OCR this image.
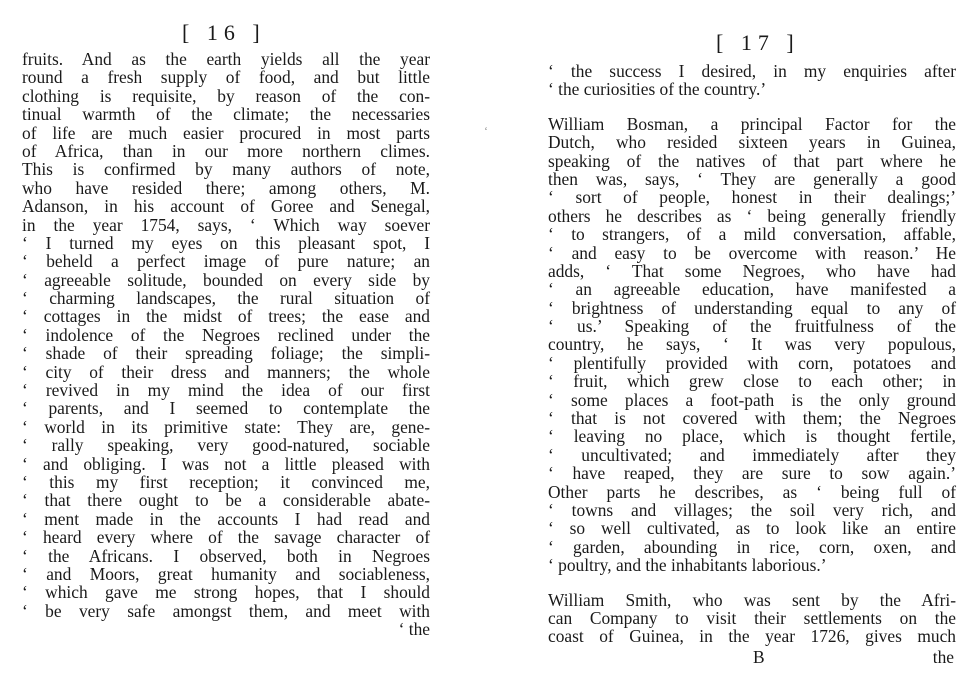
[ 16 ]
fruits. And as the earth yields all the year
round a fresh supply of food, and but little
clothing is requisite, by reason of the con-
tinual warmth of the climate; the necessaries
of life are much easier procured in most parts
of Africa, than in our more northern climes.
This is confirmed by many authors of note,
who have resided there; among others, M.
Adanson, in his account of Goree and Senegal,
in the year 1754, says, ‘ Which way soever
‘ I turned my eyes on this pleasant spot, I
‘ beheld a perfect image of pure nature; an
‘ agreeable solitude, bounded on every side by
‘ charming landscapes, the rural situation of
‘ cottages in the midst of trees; the ease and
‘ indolence of the Negroes reclined under the
‘ shade of their spreading foliage; the simpli-
‘ city of their dress and manners; the whole
‘ revived in my mind the idea of our first
‘ parents, and I seemed to contemplate the
‘ world in its primitive state: They are, gene-
‘ rally speaking, very good-natured, sociable
‘ and obliging. I was not a little pleased with
‘ this my first reception; it convinced me,
‘ that there ought to be a considerable abate-
‘ ment made in the accounts I had read and
‘ heard every where of the savage character of
‘ the Africans. I observed, both in Negroes
‘ and Moors, great humanity and sociableness,
‘ which gave me strong hopes, that I should
‘ be very safe amongst them, and meet with
‘ the
‘
[ 17 ]
‘ the success I desired, in my enquiries after
‘ the curiosities of the country.’
William Bosman, a principal Factor for the
Dutch, who resided sixteen years in Guinea,
speaking of the natives of that part where he
then was, says, ‘ They are generally a good
‘ sort of people, honest in their dealings;’
others he describes as ‘ being generally friendly
‘ to strangers, of a mild conversation, affable,
‘ and easy to be overcome with reason.’ He
adds, ‘ That some Negroes, who have had
‘ an agreeable education, have manifested a
‘ brightness of understanding equal to any of
‘ us.’ Speaking of the fruitfulness of the
country, he says, ‘ It was very populous,
‘ plentifully provided with corn, potatoes and
‘ fruit, which grew close to each other; in
‘ some places a foot-path is the only ground
‘ that is not covered with them; the Negroes
‘ leaving no place, which is thought fertile,
‘ uncultivated; and immediately after they
‘ have reaped, they are sure to sow again.’
Other parts he describes, as ‘ being full of
‘ towns and villages; the soil very rich, and
‘ so well cultivated, as to look like an entire
‘ garden, abounding in rice, corn, oxen, and
‘ poultry, and the inhabitants laborious.’
William Smith, who was sent by the Afri-
can Company to visit their settlements on the
coast of Guinea, in the year 1726, gives much
B	the
